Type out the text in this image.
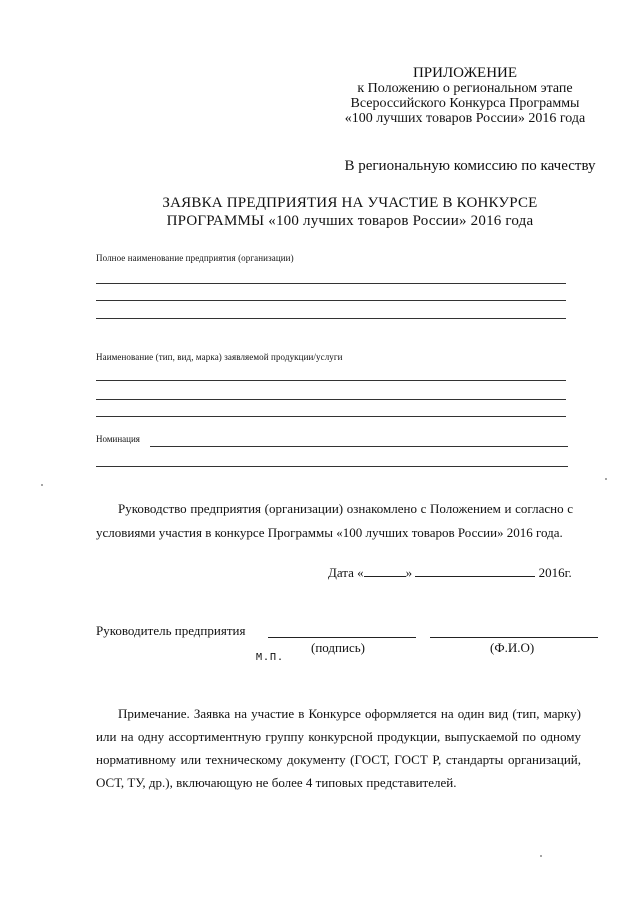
ПРИЛОЖЕНИЕ
к Положению о региональном этапе
Всероссийского Конкурса Программы
«100 лучших товаров России» 2016 года
В региональную комиссию по качеству
ЗАЯВКА ПРЕДПРИЯТИЯ НА УЧАСТИЕ В КОНКУРСЕ
ПРОГРАММЫ «100 лучших товаров России» 2016 года
Полное наименование предприятия (организации)
Наименование (тип, вид, марка) заявляемой продукции/услуги
Номинация
Руководство предприятия (организации) ознакомлено с Положением и согласно с условиями участия в конкурсе Программы «100 лучших товаров России» 2016 года.
Дата «	»	2016г.
Руководитель предприятия
(подпись)	(Ф.И.О)
М.П.
Примечание. Заявка на участие в Конкурсе оформляется на один вид (тип, марку) или на одну ассортиментную группу конкурсной продукции, выпускаемой по одному нормативному или техническому документу (ГОСТ, ГОСТ Р, стандарты организаций, ОСТ, ТУ, др.), включающую не более 4 типовых представителей.
